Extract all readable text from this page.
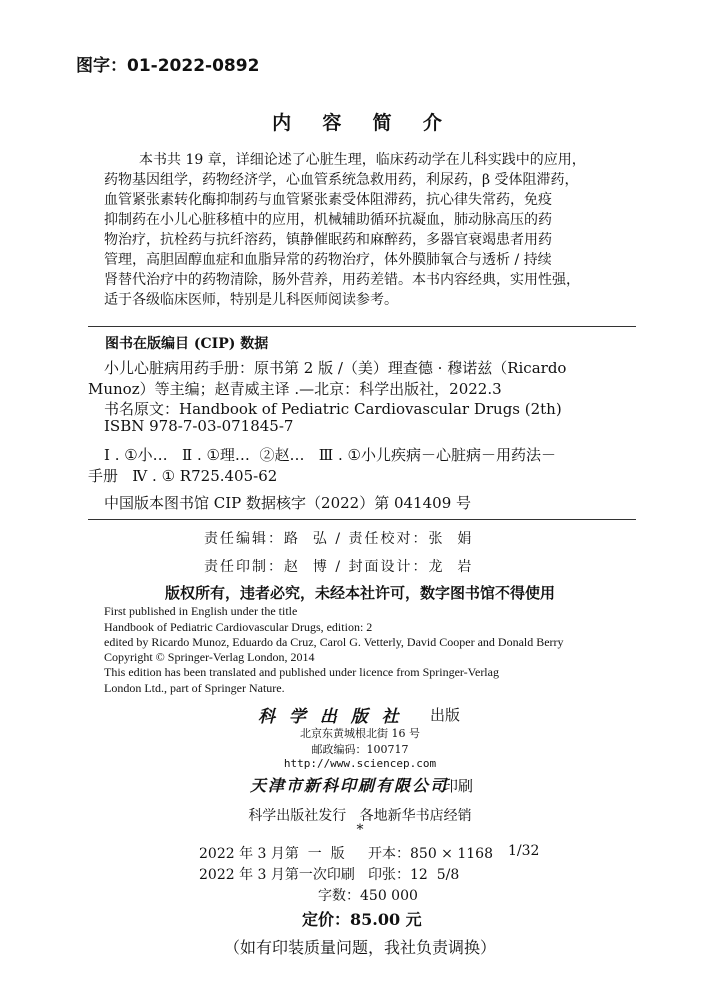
图字：01-2022-0892
内  容  简  介
本书共 19 章，详细论述了心脏生理，临床药动学在儿科实践中的应用，
药物基因组学，药物经济学，心血管系统急救用药，利尿药，β 受体阻滞药，
血管紧张素转化酶抑制药与血管紧张素受体阻滞药，抗心律失常药，免疫
抑制药在小儿心脏移植中的应用，机械辅助循环抗凝血，肺动脉高压的药
物治疗，抗栓药与抗纤溶药，镇静催眠药和麻醉药，多器官衰竭患者用药
管理，高胆固醇血症和血脂异常的药物治疗，体外膜肺氧合与透析 / 持续
肾替代治疗中的药物清除，肠外营养，用药差错。本书内容经典，实用性强，
适于各级临床医师，特别是儿科医师阅读参考。
图书在版编目 (CIP) 数据
小儿心脏病用药手册：原书第 2 版 /（美）理查德 · 穆诺兹（Ricardo
Munoz）等主编；赵青威主译 .—北京：科学出版社，2022.3
书名原文：Handbook of Pediatric Cardiovascular Drugs (2th)
ISBN 978-7-03-071845-7
Ⅰ . ①小…   Ⅱ . ①理…  ②赵…   Ⅲ . ①小儿疾病－心脏病－用药法－
手册   Ⅳ . ① R725.405-62
中国版本图书馆 CIP 数据核字（2022）第 041409 号
责任编辑：路  弘 / 责任校对：张  娟
责任印制：赵  博 / 封面设计：龙  岩
版权所有，违者必究，未经本社许可，数字图书馆不得使用
First published in English under the title
Handbook of Pediatric Cardiovascular Drugs, edition: 2
edited by Ricardo Munoz, Eduardo da Cruz, Carol G. Vetterly, David Cooper and Donald Berry
Copyright © Springer-Verlag London, 2014
This edition has been translated and published under licence from Springer-Verlag
London Ltd., part of Springer Nature.
科 学 出 版 社 出版
北京东黄城根北街 16 号
邮政编码：100717
http://www.sciencep.com
天津市新科印刷有限公司
印刷
科学出版社发行   各地新华书店经销
*
2022 年 3 月第  一  版 开本：850 × 1168 1/32
2022 年 3 月第一次印刷 印张：12  5/8
字数：450 000
定价：85.00 元
（如有印装质量问题，我社负责调换）
